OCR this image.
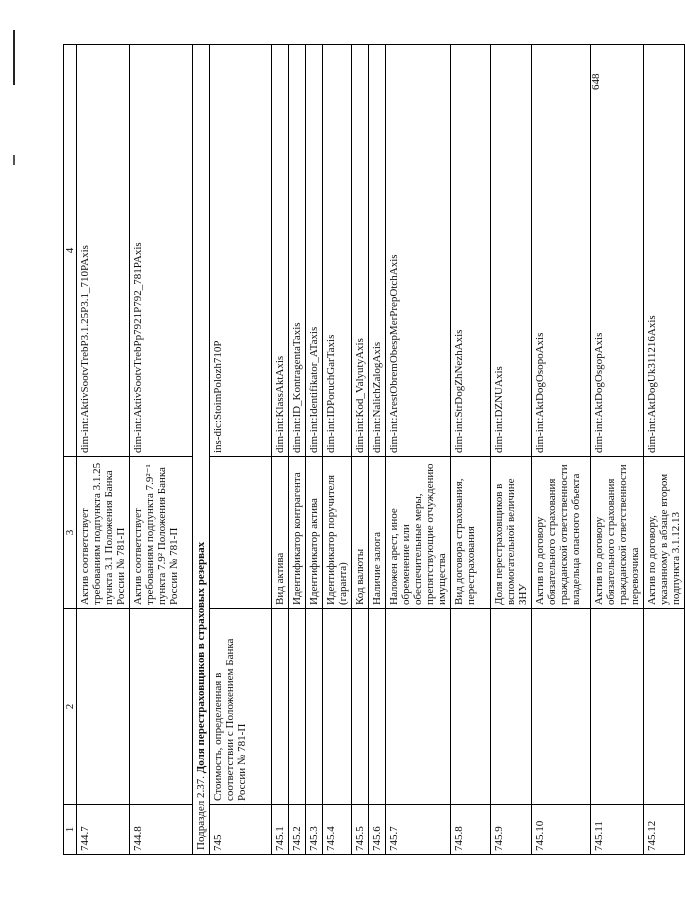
648
1	2	3	4
744.7		Актив соответствует требованиям подпункта 3.1.25 пункта 3.1 Положения Банка России № 781-П	dim-int:AktivSootvTrebP3.1.25P3.1_710PAxis
744.8		Актив соответствует требованиям подпункта 7.9²⁻¹ пункта 7.9² Положения Банка России № 781-П	dim-int:AktivSootvTrebPp7921P792_781PAxis
Подраздел 2.37. Доля перестраховщиков в страховых резервах			
745	Стоимость, определенная в соответствии с Положением Банка России № 781-П		ins-dic:StoimPolozh710P
745.1		Вид актива	dim-int:KlassAktAxis
745.2		Идентификатор контрагента	dim-int:ID_KontragentaTaxis
745.3		Идентификатор актива	dim-int:Identifikator_ATaxis
745.4		Идентификатор поручителя (гаранта)	dim-int:IDPoruchGarTaxis
745.5		Код валюты	dim-int:Kod_ValyutyAxis
745.6		Наличие залога	dim-int:NalichZalogAxis
745.7		Наложен арест, иное обременение или обеспечительные меры, препятствующие отчуждению имущества	dim-int:ArestObremObespMerPrepOtchAxis
745.8		Вид договора страхования, перестрахования	dim-int:StrDogZhNezhAxis
745.9		Доля перестраховщиков в вспомогательной величине ЗНУ	dim-int:DZNUAxis
745.10		Актив по договору обязательного страхования гражданской ответственности владельца опасного объекта	dim-int:AktDogOsopoAxis
745.11		Актив по договору обязательного страхования гражданской ответственности перевозчика	dim-int:AktDogOsgopAxis
745.12		Актив по договору, указанному в абзаце втором подпункта 3.1.12.13	dim-int:AktDogUk311216Axis
